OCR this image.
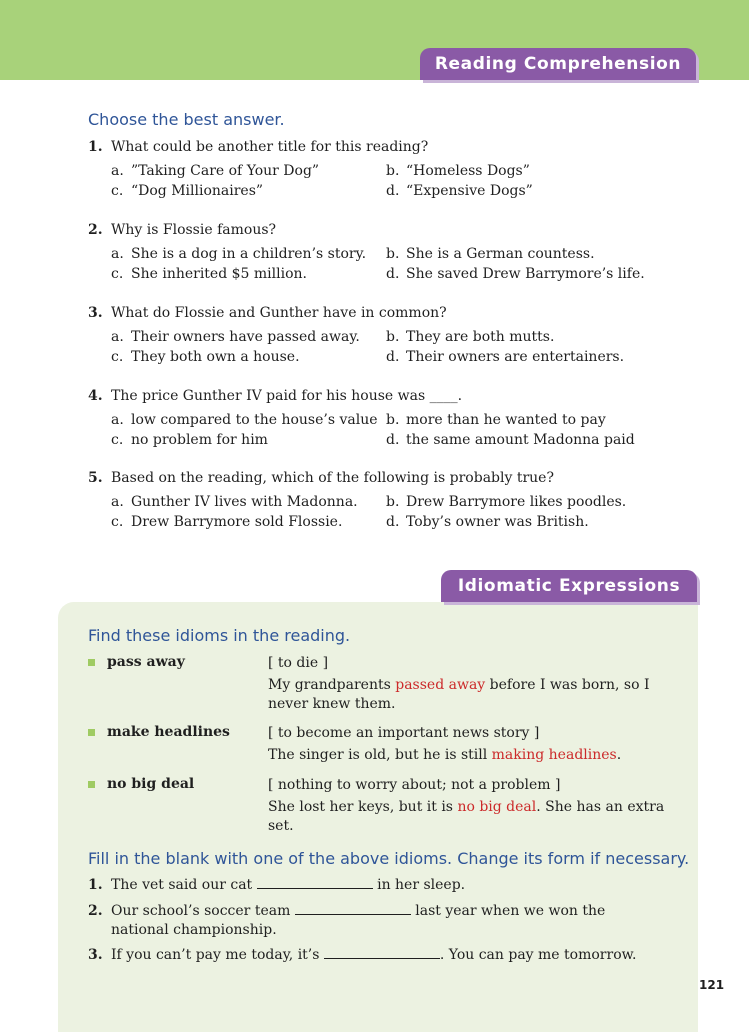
Reading Comprehension
Choose the best answer.
1. What could be another title for this reading?
a. ”Taking Care of Your Dog”	b. “Homeless Dogs”
c. “Dog Millionaires”	d. “Expensive Dogs”
2. Why is Flossie famous?
a. She is a dog in a children’s story. b. She is a German countess.
c. She inherited $5 million.	d. She saved Drew Barrymore’s life.
3. What do Flossie and Gunther have in common?
a. Their owners have passed away. b. They are both mutts.
c. They both own a house.	d. Their owners are entertainers.
4. The price Gunther IV paid for his house was ____.
a. low compared to the house’s value b. more than he wanted to pay
c. no problem for him	d. the same amount Madonna paid
5. Based on the reading, which of the following is probably true?
a. Gunther IV lives with Madonna. b. Drew Barrymore likes poodles.
c. Drew Barrymore sold Flossie.	d. Toby’s owner was British.
Idiomatic Expressions
Find these idioms in the reading.
pass away	[ to die ]
My grandparents passed away before I was born, so I never knew them.
make headlines	[ to become an important news story ]
The singer is old, but he is still making headlines.
no big deal	[ nothing to worry about; not a problem ]
She lost her keys, but it is no big deal. She has an extra set.
Fill in the blank with one of the above idioms. Change its form if necessary.
1. The vet said our cat	in her sleep.
2. Our school’s soccer team	last year when we won the national championship.
3. If you can’t pay me today, it’s	. You can pay me tomorrow.
121
